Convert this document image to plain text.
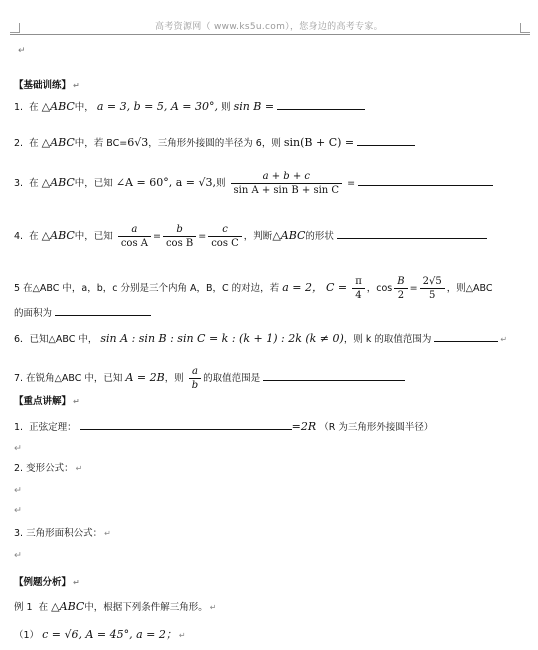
高考资源网（ www.ks5u.com），您身边的高考专家。
↵
【基础训练】 ↵
1. 在 △ABC中， a = 3, b = 5, A = 30°, 则 sin B =
2. 在 △ABC中，若 BC=6√3，三角形外接圆的半径为 6，则 sin(B + C) =
3. 在 △ABC中，已知 ∠A = 60°, a = √3,则 $\frac{a + b + c}{\text{sin A + sin B + sin C}}$ =
4. 在 △ABC中，已知 $\frac{a}{\text{cos A}} = \frac{b}{\text{cos B}} = \frac{c}{\text{cos C}}$ ，判断△ABC的形状
5 在△ABC 中，a，b，c 分别是三个内角 A，B，C 的对边，若 a = 2， $C = \frac{\pi}{4}$ ，$\cos \frac{B}{2} = \frac{2√5}{5}$ ，则△ABC
的面积为
6．已知△ABC 中， sin A : sin B : sin C = k : (k + 1) : 2k (k ≠ 0)，则 k 的取值范围为	↵
7. 在锐角△ABC 中，已知 A = 2B，则 $\frac{a}{b}$ 的取值范围是
【重点讲解】 ↵
1. 正弦定理：	=2R （R 为三角形外接圆半径）
↵
2. 变形公式： ↵
↵
↵
3. 三角形面积公式： ↵
↵
【例题分析】 ↵
例 1 在 △ABC中，根据下列条件解三角形。 ↵
（1） c = √6, A = 45°, a = 2； ↵
